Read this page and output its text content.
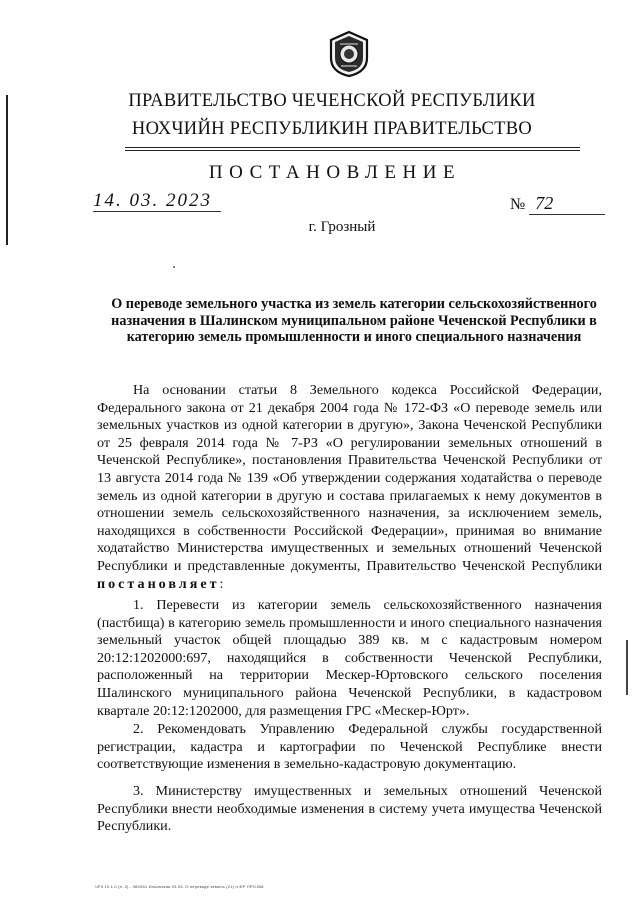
ПРАВИТЕЛЬСТВО ЧЕЧЕНСКОЙ РЕСПУБЛИКИ
НОХЧИЙН РЕСПУБЛИКИН ПРАВИТЕЛЬСТВО
ПОСТАНОВЛЕНИЕ
14. 03. 2023	№ 72
г. Грозный
О переводе земельного участка из земель категории сельскохозяйственного назначения в Шалинском муниципальном районе Чеченской Республики в категорию земель промышленности и иного специального назначения
На основании статьи 8 Земельного кодекса Российской Федерации, Федерального закона от 21 декабря 2004 года № 172-ФЗ «О переводе земель или земельных участков из одной категории в другую», Закона Чеченской Республики от 25 февраля 2014 года № 7-РЗ «О регулировании земельных отношений в Чеченской Республике», постановления Правительства Чеченской Республики от 13 августа 2014 года № 139 «Об утверждении содержания ходатайства о переводе земель из одной категории в другую и состава прилагаемых к нему документов в отношении земель сельскохозяйственного назначения, за исключением земель, находящихся в собственности Российской Федерации», принимая во внимание ходатайство Министерства имущественных и земельных отношений Чеченской Республики и представленные документы, Правительство Чеченской Республики постановляет:
1. Перевести из категории земель сельскохозяйственного назначения (пастбища) в категорию земель промышленности и иного специального назначения земельный участок общей площадью 389 кв. м с кадастровым номером 20:12:1202000:697, находящийся в собственности Чеченской Республики, расположенный на территории Мескер-Юртовского сельского поселения Шалинского муниципального района Чеченской Республики, в кадастровом квартале 20:12:1202000, для размещения ГРС «Мескер-Юрт».
2. Рекомендовать Управлению Федеральной службы государственной регистрации, кадастра и картографии по Чеченской Республике внести соответствующие изменения в земельно-кадастровую документацию.
3. Министерству имущественных и земельных отношений Чеченской Республики внести необходимые изменения в систему учета имущества Чеченской Республики.
ЧР3 10.1.0 (п. 2) - 360281 Ильинская 03.03. О переводе земель (21) п-ФР ПРО.ВМ
